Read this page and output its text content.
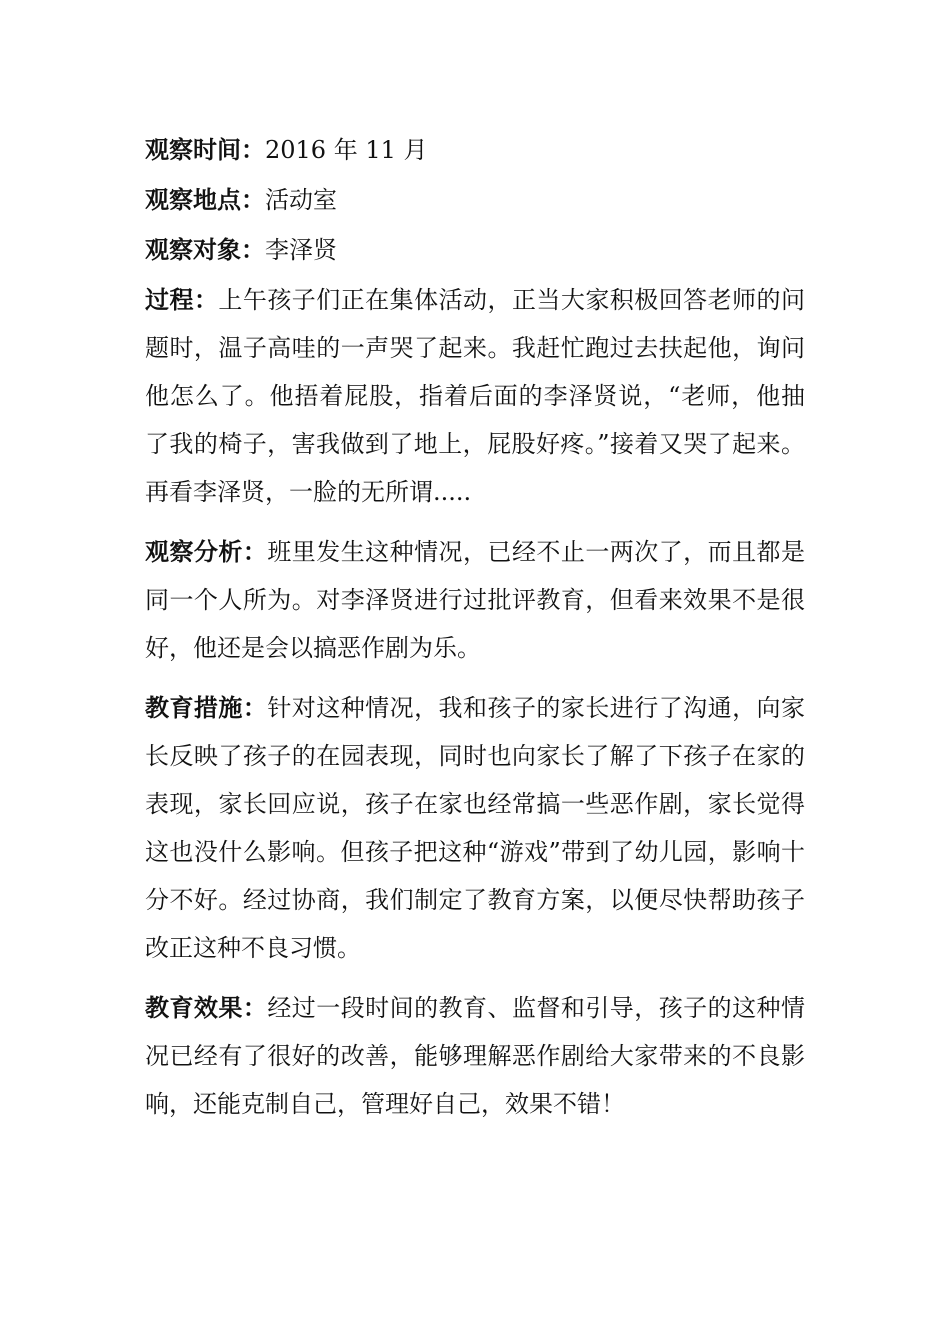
观察时间：2016 年 11 月

观察地点：活动室

观察对象：李泽贤

过程：上午孩子们正在集体活动，正当大家积极回答老师的问题时，温子高哇的一声哭了起来。我赶忙跑过去扶起他，询问他怎么了。他捂着屁股，指着后面的李泽贤说，“老师，他抽了我的椅子，害我做到了地上，屁股好疼。”接着又哭了起来。再看李泽贤，一脸的无所谓.....

观察分析：班里发生这种情况，已经不止一两次了，而且都是同一个人所为。对李泽贤进行过批评教育，但看来效果不是很好，他还是会以搞恶作剧为乐。

教育措施：针对这种情况，我和孩子的家长进行了沟通，向家长反映了孩子的在园表现，同时也向家长了解了下孩子在家的表现，家长回应说，孩子在家也经常搞一些恶作剧，家长觉得这也没什么影响。但孩子把这种“游戏”带到了幼儿园，影响十分不好。经过协商，我们制定了教育方案，以便尽快帮助孩子改正这种不良习惯。

教育效果：经过一段时间的教育、监督和引导，孩子的这种情况已经有了很好的改善，能够理解恶作剧给大家带来的不良影响，还能克制自己，管理好自己，效果不错！
